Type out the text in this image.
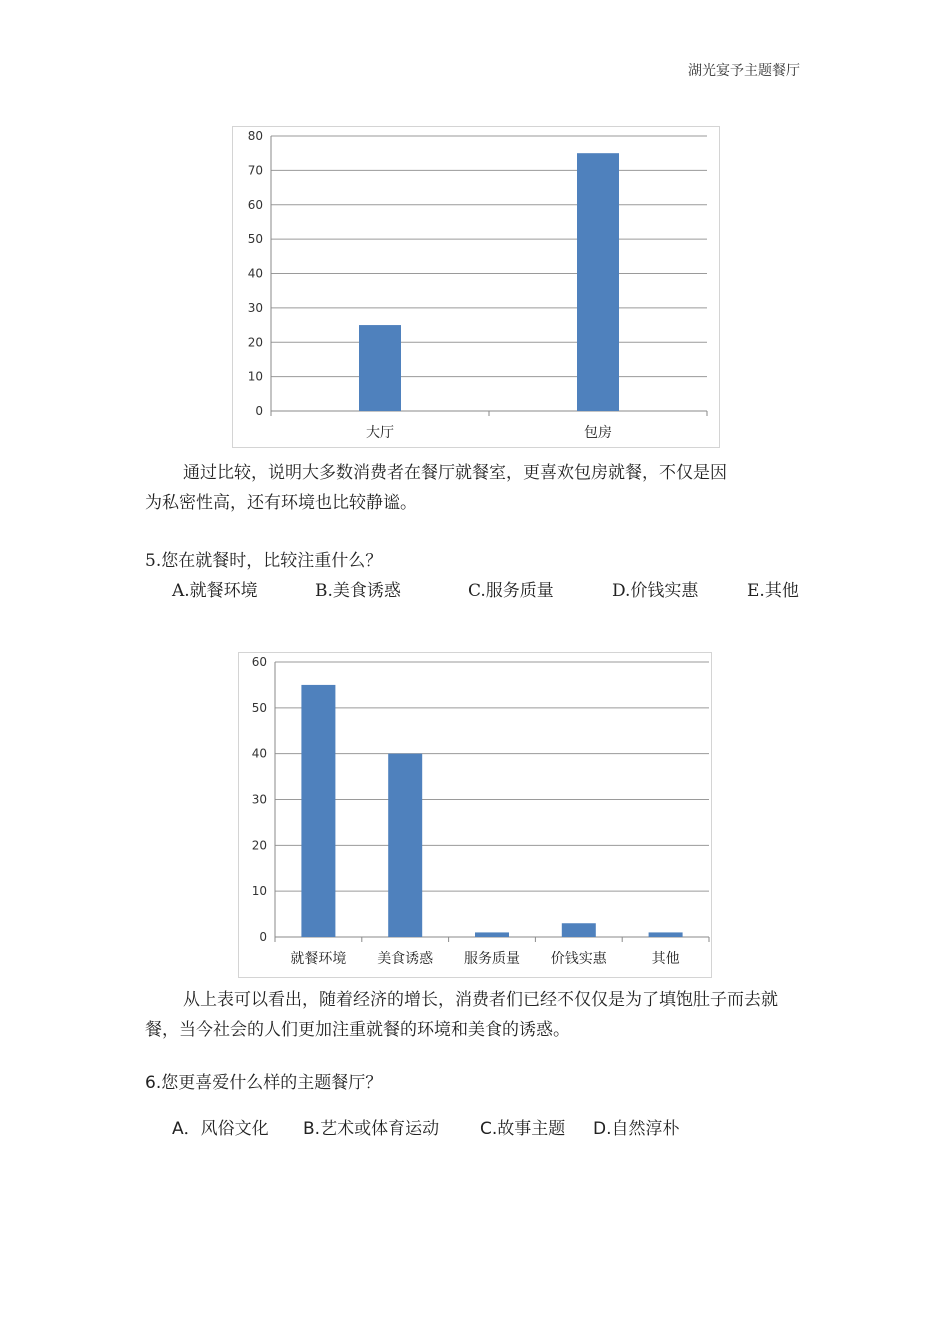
湖光宴予主题餐厅
0
10
20
30
40
50
60
70
80
大厅	包房
通过比较，说明大多数消费者在餐厅就餐室，更喜欢包房就餐，不仅是因
为私密性高，还有环境也比较静谧。
5.您在就餐时，比较注重什么？
A.就餐环境	B.美食诱惑	C.服务质量	D.价钱实惠	E.其他
0
10
20
30
40
50
60
就餐环境 美食诱惑 服务质量 价钱实惠	其他
从上表可以看出，随着经济的增长，消费者们已经不仅仅是为了填饱肚子而去就
餐，当今社会的人们更加注重就餐的环境和美食的诱惑。
6.您更喜爱什么样的主题餐厅？
A．风俗文化 B.艺术或体育运动 C.故事主题 D.自然淳朴
